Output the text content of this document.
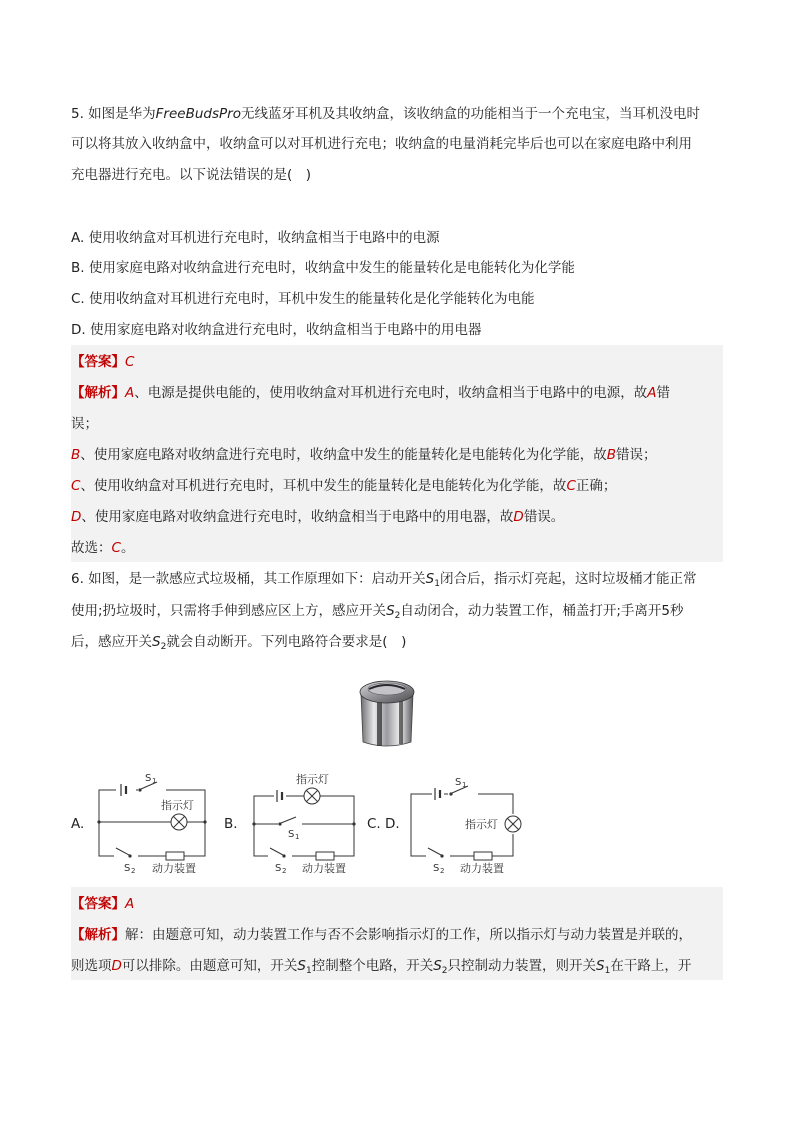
5. 如图是华为FreeBudsPro无线蓝牙耳机及其收纳盒，该收纳盒的功能相当于一个充电宝，当耳机没电时
可以将其放入收纳盒中，收纳盒可以对耳机进行充电；收纳盒的电量消耗完毕后也可以在家庭电路中利用
充电器进行充电。以下说法错误的是(　)
A. 使用收纳盒对耳机进行充电时，收纳盒相当于电路中的电源
B. 使用家庭电路对收纳盒进行充电时，收纳盒中发生的能量转化是电能转化为化学能
C. 使用收纳盒对耳机进行充电时，耳机中发生的能量转化是化学能转化为电能
D. 使用家庭电路对收纳盒进行充电时，收纳盒相当于电路中的用电器
【答案】C
【解析】A、电源是提供电能的，使用收纳盒对耳机进行充电时，收纳盒相当于电路中的电源，故A错
误；
B、使用家庭电路对收纳盒进行充电时，收纳盒中发生的能量转化是电能转化为化学能，故B错误；
C、使用收纳盒对耳机进行充电时，耳机中发生的能量转化是电能转化为化学能，故C正确；
D、使用家庭电路对收纳盒进行充电时，收纳盒相当于电路中的用电器，故D错误。
故选：C。
6. 如图，是一款感应式垃圾桶，其工作原理如下：启动开关$S_1$闭合后，指示灯亮起，这时垃圾桶才能正常
使用;扔垃圾时，只需将手伸到感应区上方，感应开关$S_2$自动闭合，动力装置工作，桶盖打开;手离开5秒
后，感应开关$S_2$就会自动断开。下列电路符合要求是(　)
A.
S 1
指示灯
S 2 动力装置
B.
指示灯
S 1
S 2 动力装置
C. D.
S 1
指示灯
S 2 动力装置
【答案】A
【解析】解：由题意可知，动力装置工作与否不会影响指示灯的工作，所以指示灯与动力装置是并联的，
则选项D可以排除。由题意可知，开关$S_1$控制整个电路，开关$S_2$只控制动力装置，则开关$S_1$在干路上，开
